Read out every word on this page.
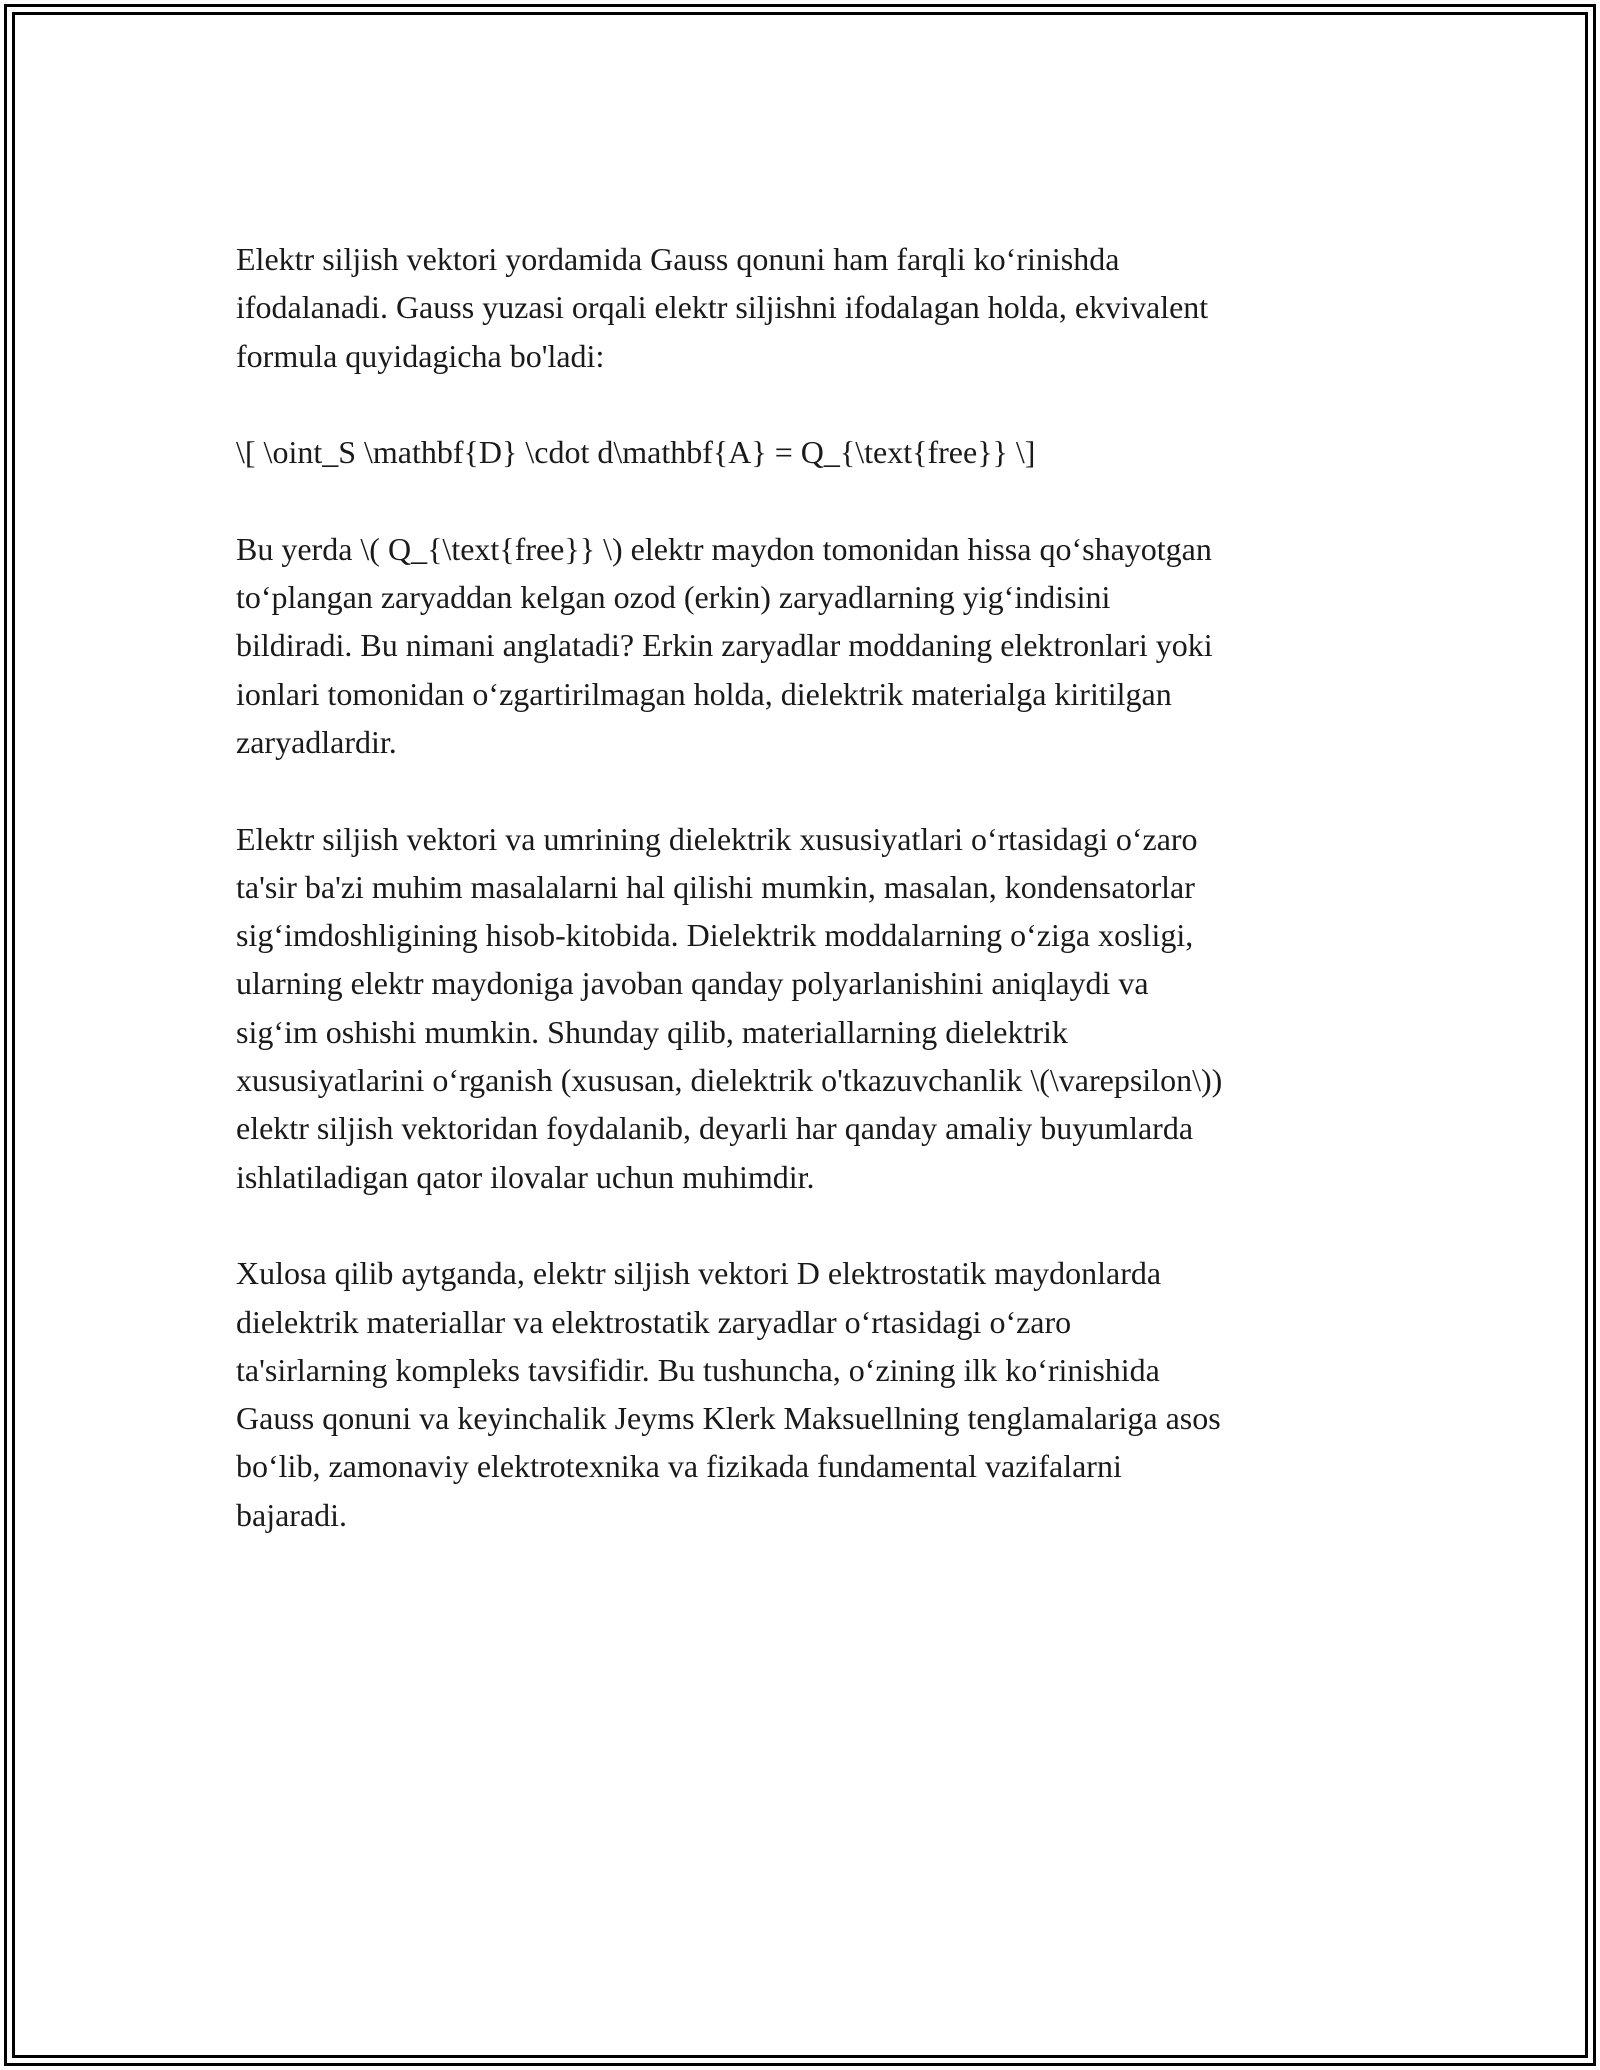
Elektr siljish vektori yordamida Gauss qonuni ham farqli koʻrinishda
ifodalanadi. Gauss yuzasi orqali elektr siljishni ifodalagan holda, ekvivalent
formula quyidagicha bo'ladi:

\[ \oint_S \mathbf{D} \cdot d\mathbf{A} = Q_{\text{free}} \]

Bu yerda \( Q_{\text{free}} \) elektr maydon tomonidan hissa qoʻshayotgan
toʻplangan zaryaddan kelgan ozod (erkin) zaryadlarning yigʻindisini
bildiradi. Bu nimani anglatadi? Erkin zaryadlar moddaning elektronlari yoki
ionlari tomonidan oʻzgartirilmagan holda, dielektrik materialga kiritilgan
zaryadlardir.

Elektr siljish vektori va umrining dielektrik xususiyatlari oʻrtasidagi oʻzaro
ta'sir ba'zi muhim masalalarni hal qilishi mumkin, masalan, kondensatorlar
sigʻimdoshligining hisob-kitobida. Dielektrik moddalarning oʻziga xosligi,
ularning elektr maydoniga javoban qanday polyarlanishini aniqlaydi va
sigʻim oshishi mumkin. Shunday qilib, materiallarning dielektrik
xususiyatlarini oʻrganish (xususan, dielektrik o'tkazuvchanlik \(\varepsilon\))
elektr siljish vektoridan foydalanib, deyarli har qanday amaliy buyumlarda
ishlatiladigan qator ilovalar uchun muhimdir.

Xulosa qilib aytganda, elektr siljish vektori D elektrostatik maydonlarda
dielektrik materiallar va elektrostatik zaryadlar oʻrtasidagi oʻzaro
ta'sirlarning kompleks tavsifidir. Bu tushuncha, oʻzining ilk koʻrinishida
Gauss qonuni va keyinchalik Jeyms Klerk Maksuellning tenglamalariga asos
boʻlib, zamonaviy elektrotexnika va fizikada fundamental vazifalarni
bajaradi.
